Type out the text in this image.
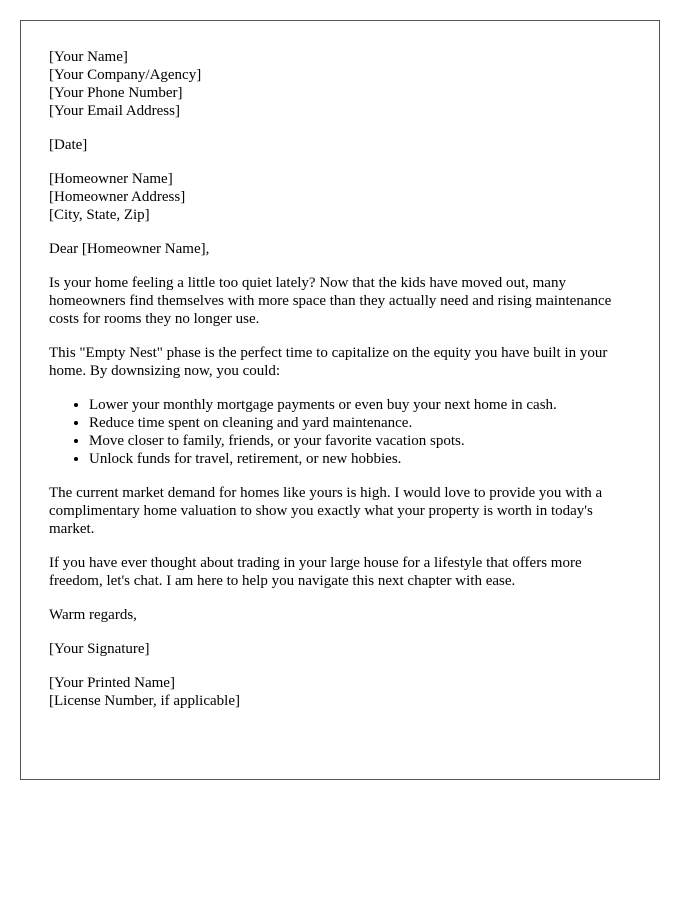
[Your Name]
[Your Company/Agency]
[Your Phone Number]
[Your Email Address]
[Date]
[Homeowner Name]
[Homeowner Address]
[City, State, Zip]

Dear [Homeowner Name],

Is your home feeling a little too quiet lately? Now that the kids have moved out, many homeowners find themselves with more space than they actually need and rising maintenance costs for rooms they no longer use.

This "Empty Nest" phase is the perfect time to capitalize on the equity you have built in your home. By downsizing now, you could:

• Lower your monthly mortgage payments or even buy your next home in cash.
• Reduce time spent on cleaning and yard maintenance.
• Move closer to family, friends, or your favorite vacation spots.
• Unlock funds for travel, retirement, or new hobbies.

The current market demand for homes like yours is high. I would love to provide you with a complimentary home valuation to show you exactly what your property is worth in today's market.

If you have ever thought about trading in your large house for a lifestyle that offers more freedom, let's chat. I am here to help you navigate this next chapter with ease.

Warm regards,

[Your Signature]

[Your Printed Name]
[License Number, if applicable]
